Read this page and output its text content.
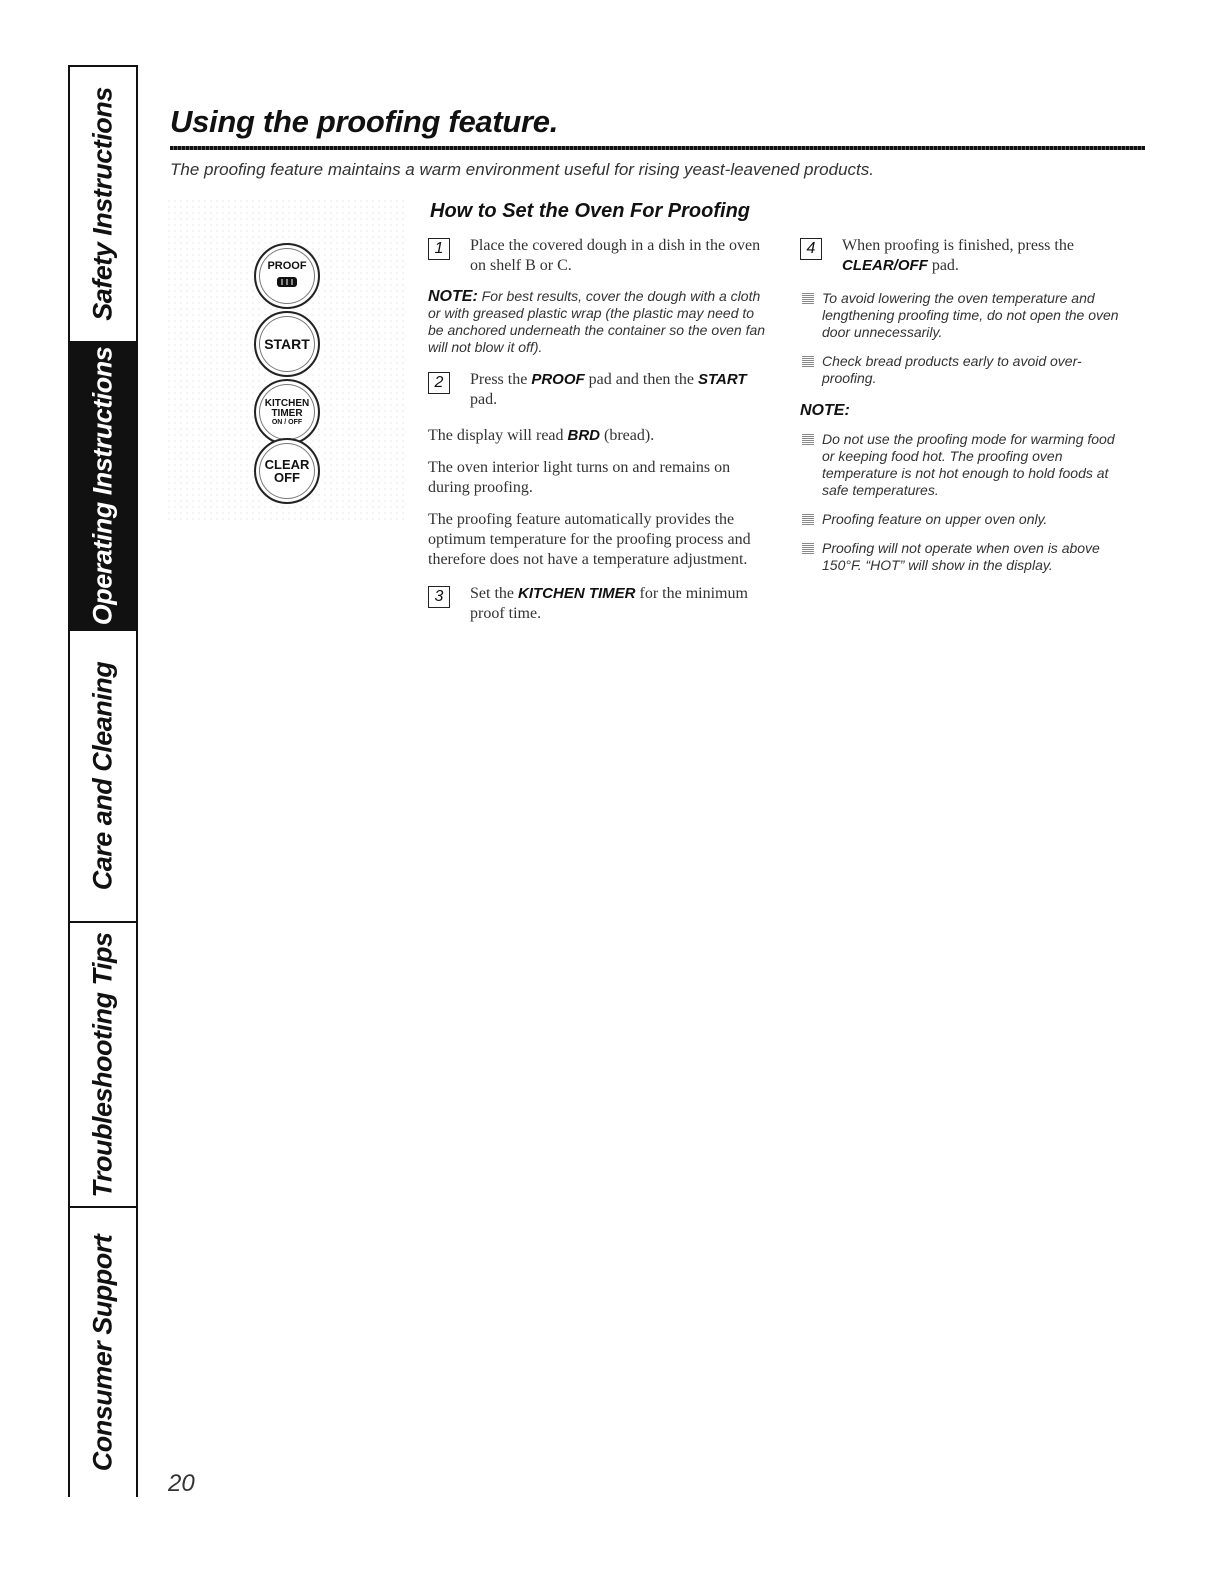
Safety Instructions
Operating Instructions
Care and Cleaning
Troubleshooting Tips
Consumer Support
Using the proofing feature.

The proofing feature maintains a warm environment useful for rising yeast-leavened products.

PROOF
START
KITCHEN
TIMER
ON / OFF
CLEAR
OFF
How to Set the Oven For Proofing
1	Place the covered dough in a dish in the oven on shelf B or C.

NOTE: For best results, cover the dough with a cloth or with greased plastic wrap (the plastic may need to be anchored underneath the container so the oven fan will not blow it off).

2	Press the PROOF pad and then the START pad.

The display will read BRD (bread).

The oven interior light turns on and remains on during proofing.

The proofing feature automatically provides the optimum temperature for the proofing process and therefore does not have a temperature adjustment.

3	Set the KITCHEN TIMER for the minimum proof time.

4	When proofing is finished, press the CLEAR/OFF pad.

To avoid lowering the oven temperature and lengthening proofing time, do not open the oven door unnecessarily.

Check bread products early to avoid over-proofing.

NOTE:

Do not use the proofing mode for warming food or keeping food hot. The proofing oven temperature is not hot enough to hold foods at safe temperatures.

Proofing feature on upper oven only.

Proofing will not operate when oven is above 150°F. “HOT” will show in the display.

20
